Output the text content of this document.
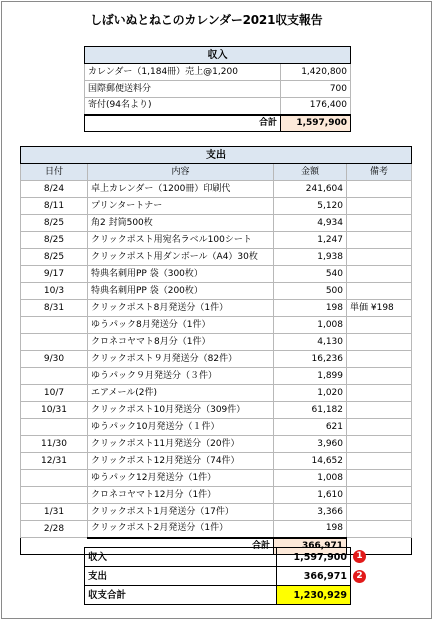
しばいぬとねこのカレンダー2021収支報告
収入	
カレンダー（1,184冊）売上@1,200	1,420,800
国際郵便送料分	700
寄付(94名より)	176,400
合計	1,597,900
支出			
日付	内容	金額	備考
8/24	卓上カレンダー（1200冊）印刷代	241,604	
8/11	プリンタートナー	5,120	
8/25	角2 封筒500枚	4,934	
8/25	クリックポスト用宛名ラベル100シート	1,247	
8/25	クリックポスト用ダンボール（A4）30枚	1,938	
9/17	特典名刺用PP 袋（300枚）	540	
10/3	特典名刺用PP 袋（200枚）	500	
8/31	クリックポスト8月発送分（1件）	198	単価 ¥198
	ゆうパック8月発送分（1件）	1,008	
	クロネコヤマト8月分（1件）	4,130	
9/30	クリックポスト９月発送分（82件）	16,236	
	ゆうパック９月発送分（３件）	1,899	
10/7	エアメール(2件)	1,020	
10/31	クリックポスト10月発送分（309件）	61,182	
	ゆうパック10月発送分（１件）	621	
11/30	クリックポスト11月発送分（20件）	3,960	
12/31	クリックポスト12月発送分（74件）	14,652	
	ゆうパック12月発送分（1件）	1,008	
	クロネコヤマト12月分（1件）	1,610	
1/31	クリックポスト1月発送分（17件）	3,366	
2/28	クリックポスト2月発送分（1件）	198	
	合計	366,971	
収入	1,597,900
支出	366,971
収支合計	1,230,929
1
2
